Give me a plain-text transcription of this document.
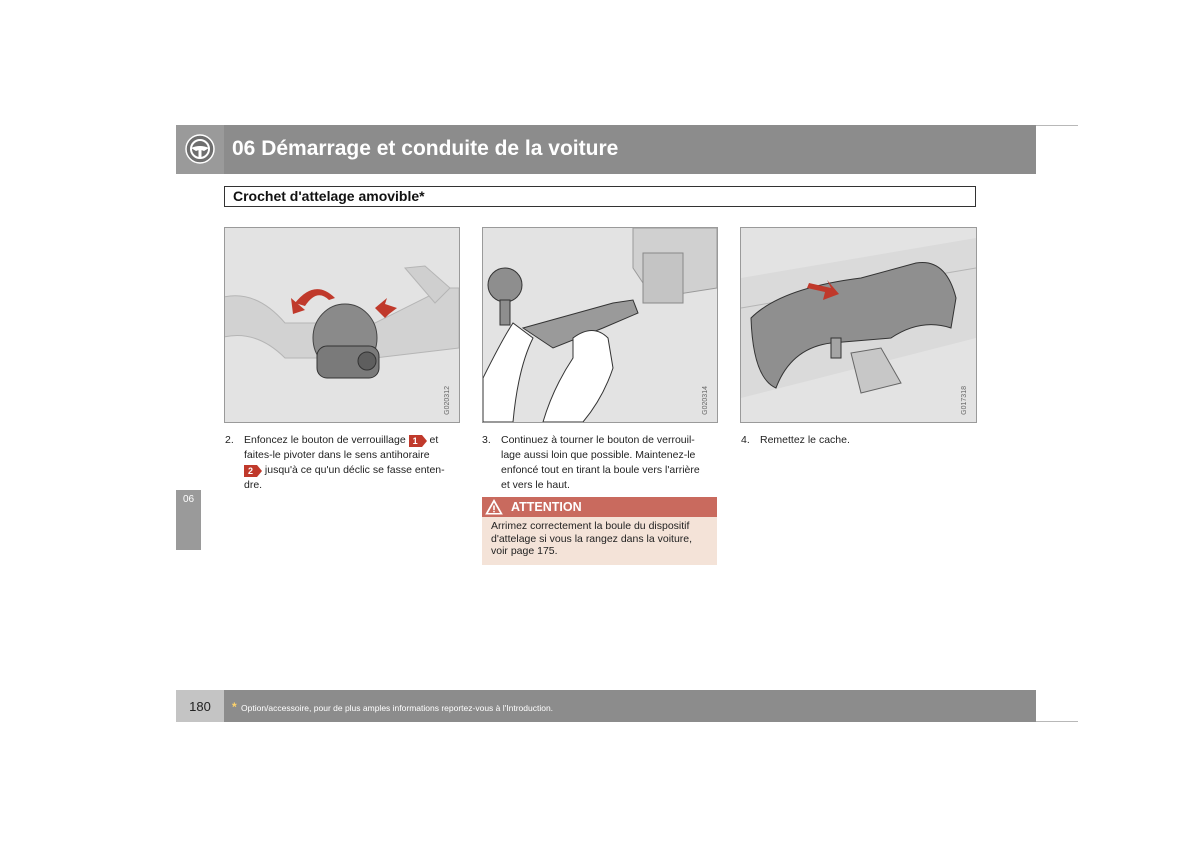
06 Démarrage et conduite de la voiture
Crochet d'attelage amovible*
06
G020312	G020314	G017318
2. Enfoncez le bouton de verrouillage 1 et
faites-le pivoter dans le sens antihoraire
2 jusqu'à ce qu'un déclic se fasse enten-
dre.
3. Continuez à tourner le bouton de verrouil-
lage aussi loin que possible. Maintenez-le
enfoncé tout en tirant la boule vers l'arrière
et vers le haut.
ATTENTION
Arrimez correctement la boule du dispositif
d'attelage si vous la rangez dans la voiture,
voir page 175.
4. Remettez le cache.
180	* Option/accessoire, pour de plus amples informations reportez-vous à l'Introduction.
